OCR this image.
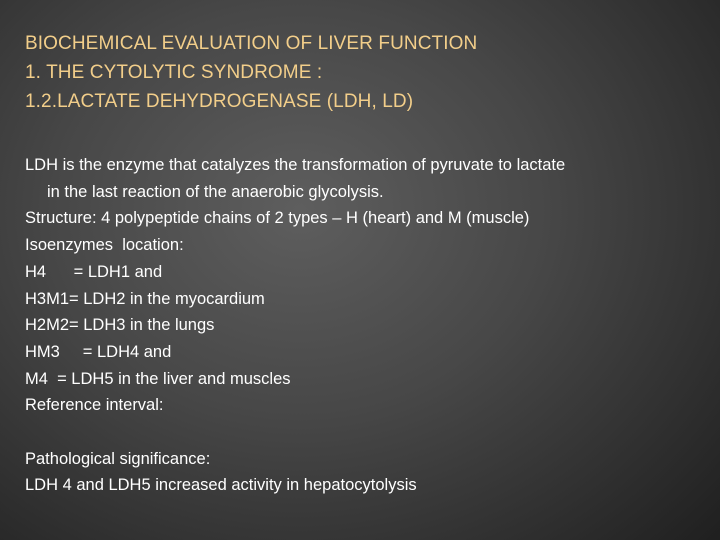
BIOCHEMICAL EVALUATION OF LIVER FUNCTION
1. THE CYTOLYTIC SYNDROME :
1.2.LACTATE DEHYDROGENASE (LDH, LD)
LDH is the enzyme that catalyzes the transformation of pyruvate to lactate
in the last reaction of the anaerobic glycolysis.
Structure: 4 polypeptide chains of 2 types – H (heart) and M (muscle)
Isoenzymes  location:
H4      = LDH1 and
H3M1= LDH2 in the myocardium
H2M2= LDH3 in the lungs
HM3     = LDH4 and
M4  = LDH5 in the liver and muscles
Reference interval:
Pathological significance:
LDH 4 and LDH5 increased activity in hepatocytolysis
